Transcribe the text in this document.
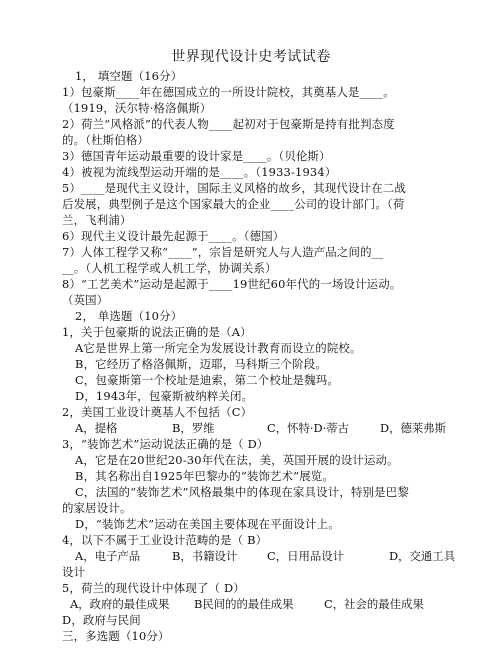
世界现代设计史考试试卷
1， 填空题（16分）
1）包豪斯____年在德国成立的一所设计院校，其奠基人是____。
（1919，沃尔特·格洛佩斯）
2）荷兰“风格派”的代表人物____起初对于包豪斯是持有批判态度
的。（杜斯伯格）
3）德国青年运动最重要的设计家是____。（贝伦斯）
4）被视为流线型运动开端的是____。（1933-1934）
5）____是现代主义设计，国际主义风格的故乡，其现代设计在二战
后发展，典型例子是这个国家最大的企业____公司的设计部门。（荷
兰，飞利浦）
6）现代主义设计最先起源于____。（德国）
7）人体工程学又称“____”，宗旨是研究人与人造产品之间的__
__。（人机工程学或人机工学，协调关系）
8）“工艺美术”运动是起源于____19世纪60年代的一场设计运动。
（英国）
2， 单选题（10分）
1，关于包豪斯的说法正确的是（A）
A它是世界上第一所完全为发展设计教育而设立的院校。
B，它经历了格洛佩斯，迈耶，马科斯三个阶段。
C，包豪斯第一个校址是迪索，第二个校址是魏玛。
D，1943年，包豪斯被纳粹关闭。
2，美国工业设计奠基人不包括（C）
A，提格	B，罗维	C，怀特·D·蒂古	D，德莱弗斯
3，“装饰艺术”运动说法正确的是（ D）
A，它是在20世纪20-30年代在法，美，英国开展的设计运动。
B，其名称出自1925年巴黎办的“装饰艺术”展览。
C，法国的“装饰艺术”风格最集中的体现在家具设计，特别是巴黎
的家居设计。
D，“装饰艺术”运动在美国主要体现在平面设计上。
4，以下不属于工业设计范畴的是（ B）
A，电子产品	B，书籍设计	C，日用品设计	D，交通工具
设计
5，荷兰的现代设计中体现了（ D）
A，政府的最佳成果 B民间的的最佳成果	C，社会的最佳成果
D，政府与民间
三，多选题（10分）
